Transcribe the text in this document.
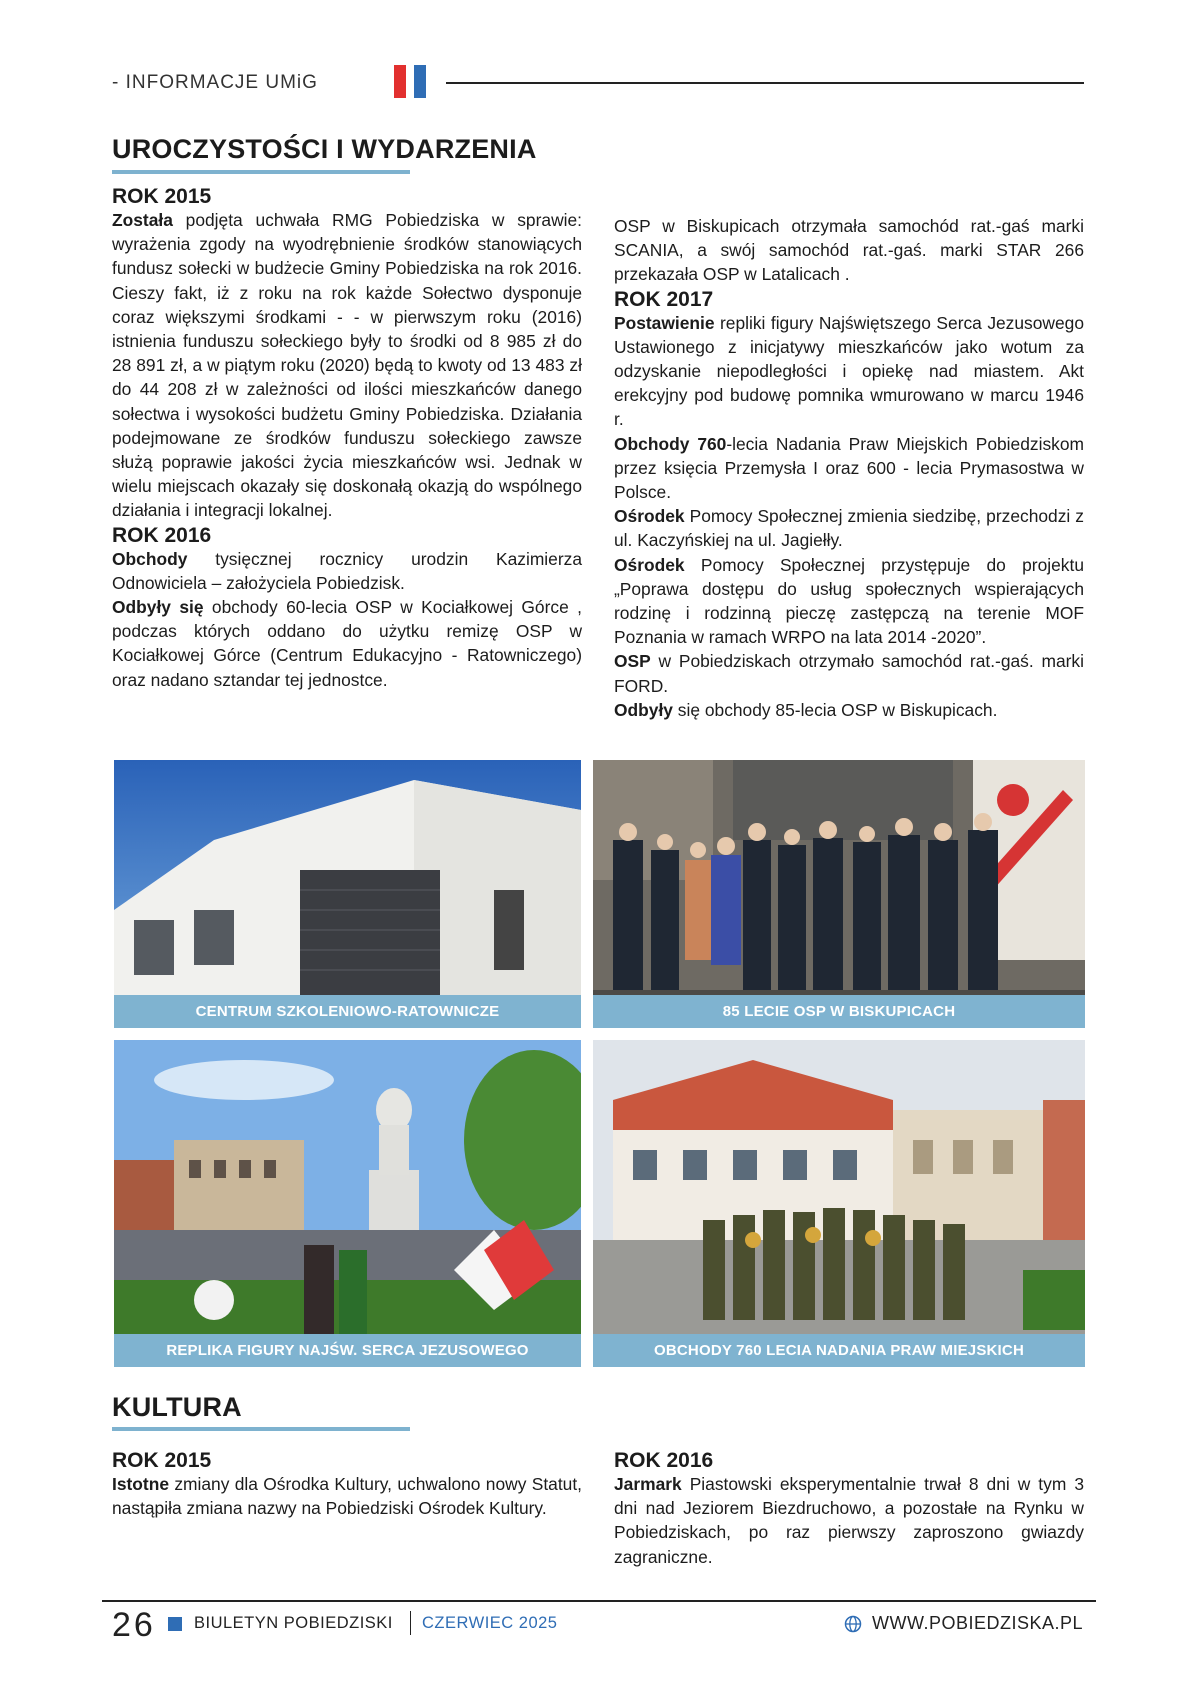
- INFORMACJE UMiG
UROCZYSTOŚCI I WYDARZENIA
ROK 2015

Została podjęta uchwała RMG Pobiedziska w sprawie: wyrażenia zgody na wyodrębnienie środków stanowiących fundusz sołecki w budżecie Gminy Pobiedziska na rok 2016. Cieszy fakt, iż z roku na rok każde Sołectwo dysponuje coraz większymi środkami - - w pierwszym roku (2016) istnienia funduszu sołeckiego były to środki od 8 985 zł do 28 891 zł, a w piątym roku (2020) będą to kwoty od 13 483 zł do 44 208 zł w zależności od ilości mieszkańców danego sołectwa i wysokości budżetu Gminy Pobiedziska. Działania podejmowane ze środków funduszu sołeckiego zawsze służą poprawie jakości życia mieszkańców wsi. Jednak w wielu miejscach okazały się doskonałą okazją do wspólnego działania i integracji lokalnej.

ROK 2016

Obchody tysięcznej rocznicy urodzin Kazimierza Odnowiciela – założyciela Pobiedzisk.

Odbyły się obchody 60-lecia OSP w Kociałkowej Górce , podczas których oddano do użytku remizę OSP w Kociałkowej Górce (Centrum Edukacyjno - Ratowniczego) oraz nadano sztandar tej jednostce.

OSP w Biskupicach otrzymała samochód rat.-gaś marki SCANIA, a swój samochód rat.-gaś. marki STAR 266 przekazała OSP w Latalicach .

ROK 2017

Postawienie repliki figury Najświętszego Serca Jezusowego Ustawionego z inicjatywy mieszkańców jako wotum za odzyskanie niepodległości i opiekę nad miastem. Akt erekcyjny pod budowę pomnika wmurowano w marcu 1946 r.

Obchody 760-lecia Nadania Praw Miejskich Pobiedziskom przez księcia Przemysła I oraz 600 - lecia Prymasostwa w Polsce.

Ośrodek Pomocy Społecznej zmienia siedzibę, przechodzi z ul. Kaczyńskiej na ul. Jagiełły.

Ośrodek Pomocy Społecznej przystępuje do projektu „Poprawa dostępu do usług społecznych wspierających rodzinę i rodzinną pieczę zastępczą na terenie MOF Poznania w ramach WRPO na lata 2014 -2020”.

OSP w Pobiedziskach otrzymało samochód rat.-gaś. marki FORD.

Odbyły się obchody 85-lecia OSP w Biskupicach.

CENTRUM SZKOLENIOWO-RATOWNICZE	85 LECIE OSP W BISKUPICACH
REPLIKA FIGURY NAJŚW. SERCA JEZUSOWEGO	OBCHODY 760 LECIA NADANIA PRAW MIEJSKICH
KULTURA
ROK 2015

Istotne zmiany dla Ośrodka Kultury, uchwalono nowy Statut, nastąpiła zmiana nazwy na Pobiedziski Ośrodek Kultury.

ROK 2016

Jarmark Piastowski eksperymentalnie trwał 8 dni w tym 3 dni nad Jeziorem Biezdruchowo, a pozostałe na Rynku w Pobiedziskach, po raz pierwszy zaproszono gwiazdy zagraniczne.

26 BIULETYN POBIEDZISKI CZERWIEC 2025	WWW.POBIEDZISKA.PL
